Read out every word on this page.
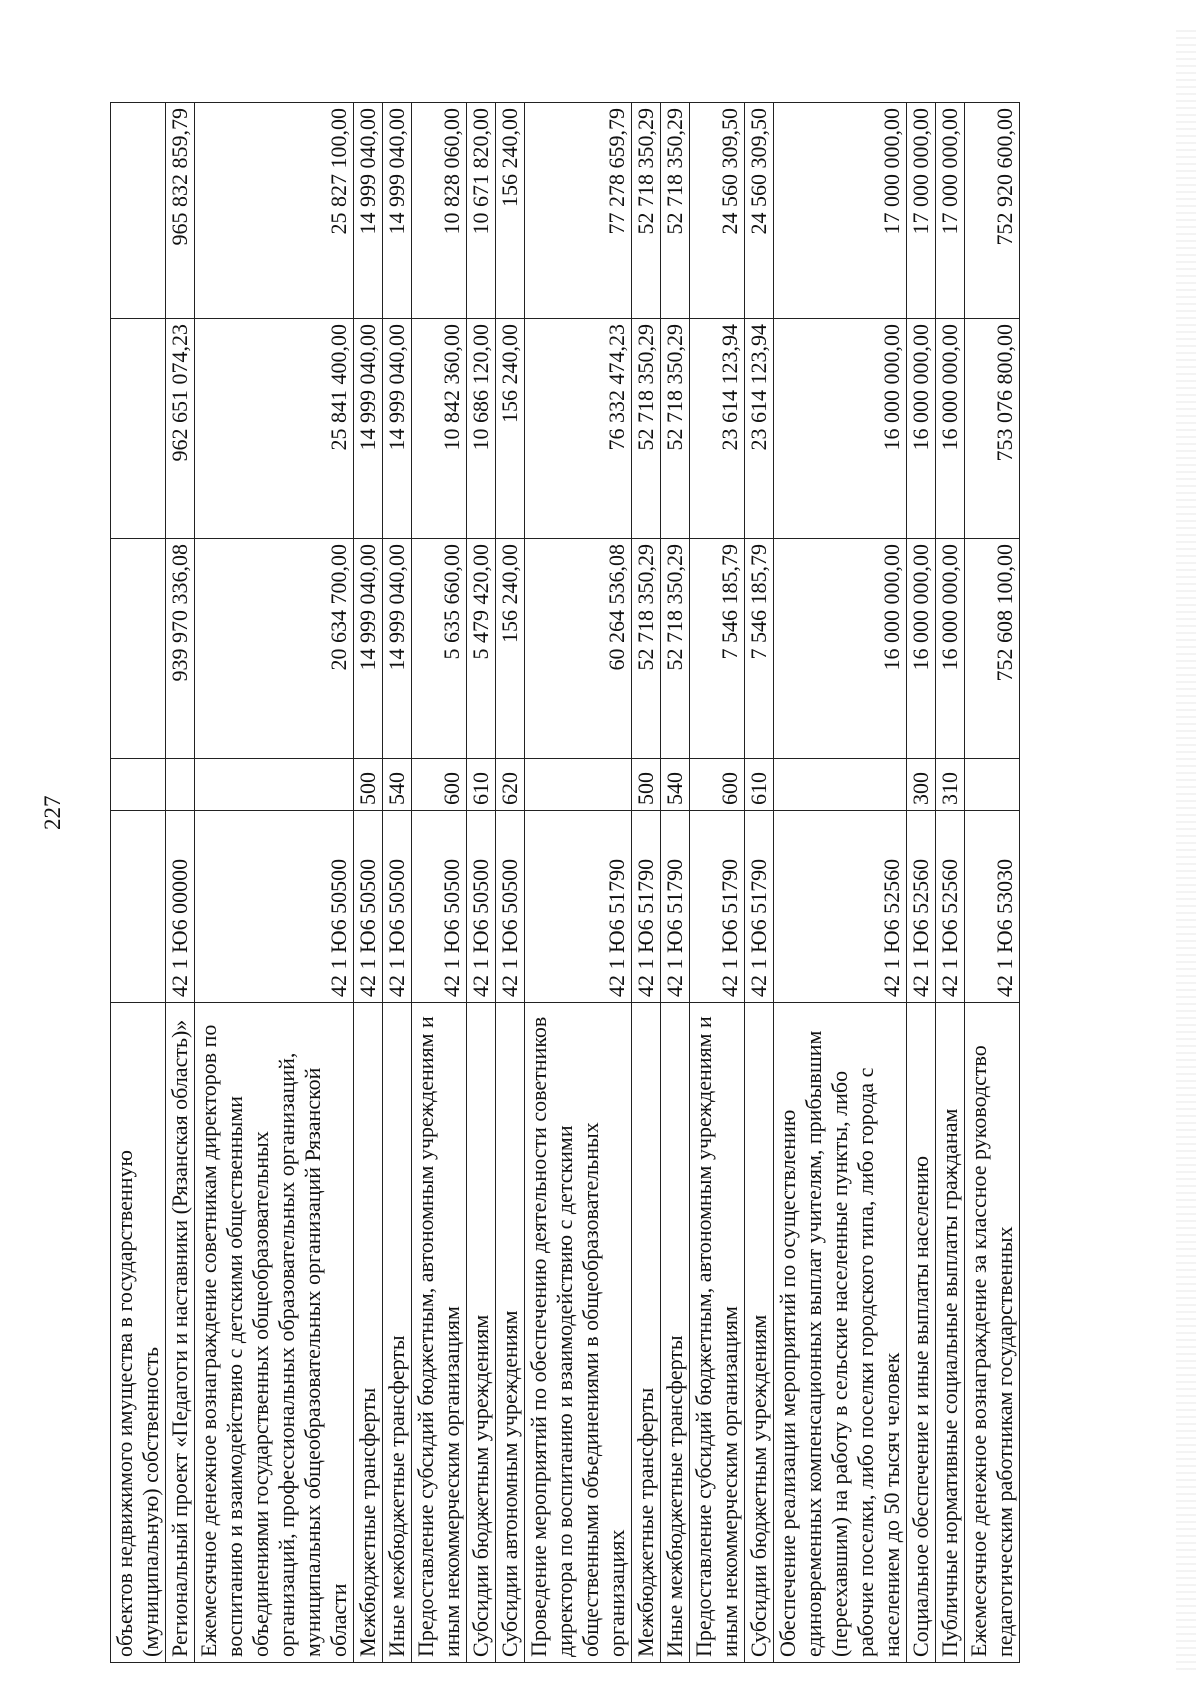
227
объектов недвижимого имущества в государственную (муниципальную) собственность					
Региональный проект «Педагоги и наставники (Рязанская область)»	42 1 Ю6 00000		939 970 336,08	962 651 074,23	965 832 859,79
Ежемесячное денежное вознаграждение советникам директоров по воспитанию и взаимодействию с детскими общественными объединениями государственных общеобразовательных организаций, профессиональных образовательных организаций, муниципальных общеобразовательных организаций Рязанской области	42 1 Ю6 50500		20 634 700,00	25 841 400,00	25 827 100,00
Межбюджетные трансферты	42 1 Ю6 50500	500	14 999 040,00	14 999 040,00	14 999 040,00
Иные межбюджетные трансферты	42 1 Ю6 50500	540	14 999 040,00	14 999 040,00	14 999 040,00
Предоставление субсидий бюджетным, автономным учреждениям и иным некоммерческим организациям	42 1 Ю6 50500	600	5 635 660,00	10 842 360,00	10 828 060,00
Субсидии бюджетным учреждениям	42 1 Ю6 50500	610	5 479 420,00	10 686 120,00	10 671 820,00
Субсидии автономным учреждениям	42 1 Ю6 50500	620	156 240,00	156 240,00	156 240,00
Проведение мероприятий по обеспечению деятельности советников директора по воспитанию и взаимодействию с детскими общественными объединениями в общеобразовательных организациях	42 1 Ю6 51790		60 264 536,08	76 332 474,23	77 278 659,79
Межбюджетные трансферты	42 1 Ю6 51790	500	52 718 350,29	52 718 350,29	52 718 350,29
Иные межбюджетные трансферты	42 1 Ю6 51790	540	52 718 350,29	52 718 350,29	52 718 350,29
Предоставление субсидий бюджетным, автономным учреждениям и иным некоммерческим организациям	42 1 Ю6 51790	600	7 546 185,79	23 614 123,94	24 560 309,50
Субсидии бюджетным учреждениям	42 1 Ю6 51790	610	7 546 185,79	23 614 123,94	24 560 309,50
Обеспечение реализации мероприятий по осуществлению единовременных компенсационных выплат учителям, прибывшим (переехавшим) на работу в сельские населенные пункты, либо рабочие поселки, либо поселки городского типа, либо города с населением до 50 тысяч человек	42 1 Ю6 52560		16 000 000,00	16 000 000,00	17 000 000,00
Социальное обеспечение и иные выплаты населению	42 1 Ю6 52560	300	16 000 000,00	16 000 000,00	17 000 000,00
Публичные нормативные социальные выплаты гражданам	42 1 Ю6 52560	310	16 000 000,00	16 000 000,00	17 000 000,00
Ежемесячное денежное вознаграждение за классное руководство педагогическим работникам государственных	42 1 Ю6 53030		752 608 100,00	753 076 800,00	752 920 600,00
